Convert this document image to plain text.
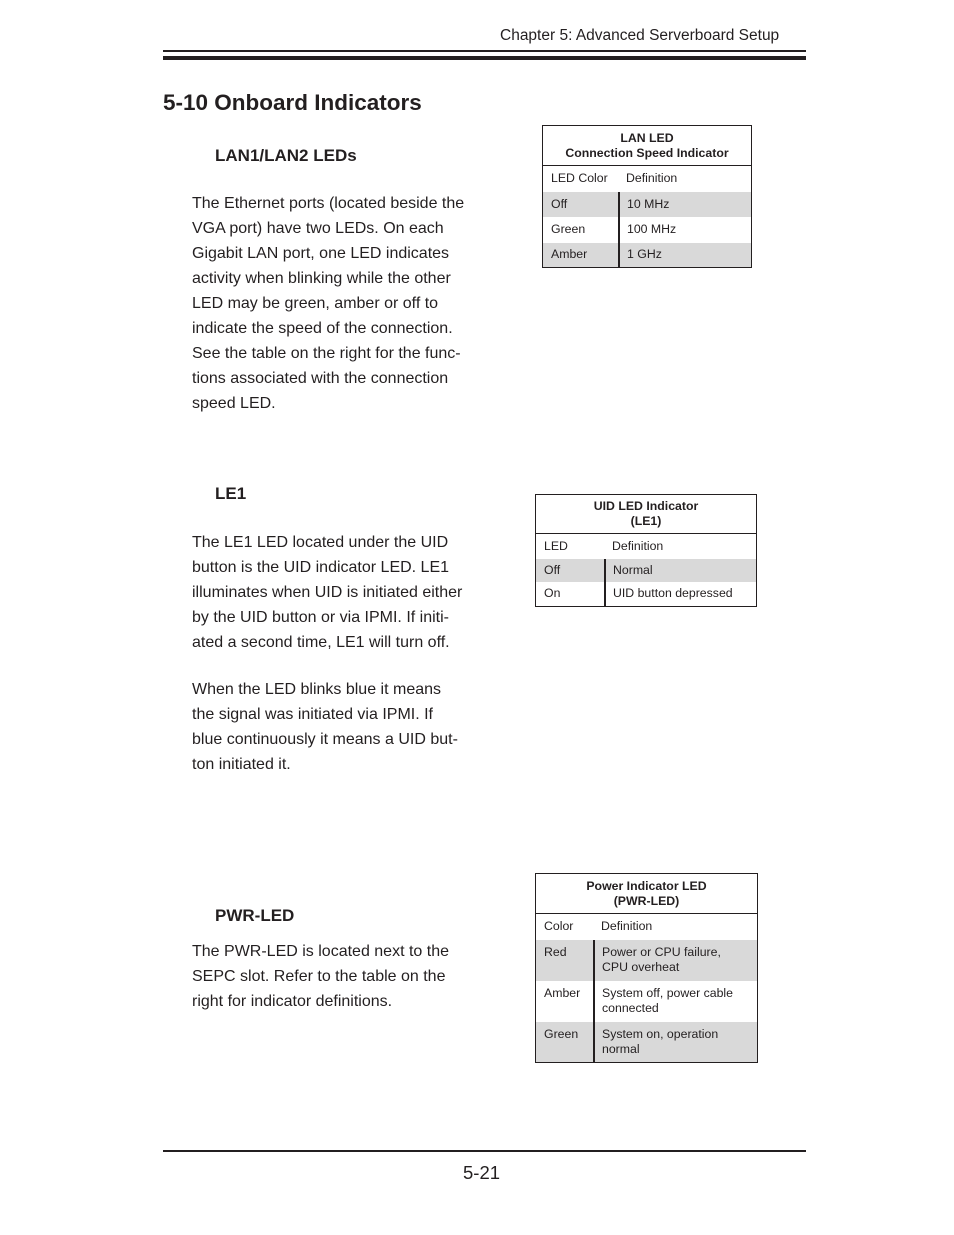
Chapter 5: Advanced Serverboard Setup
5-10 Onboard Indicators
LAN1/LAN2 LEDs
The Ethernet ports (located beside the
VGA port) have two LEDs. On each
Gigabit LAN port, one LED indicates
activity when blinking while the other
LED may be green, amber or off to
indicate the speed of the connection.
See the table on the right for the func-
tions associated with the connection
speed LED.
LAN LED
Connection Speed Indicator	

LED Color	Definition
Off	10 MHz
Green	100 MHz
Amber	1 GHz
LE1
The LE1 LED located under the UID
button is the UID indicator LED. LE1
illuminates when UID is initiated either
by the UID button or via IPMI. If initi-
ated a second time, LE1 will turn off.
When the LED blinks blue it means
the signal was initiated via IPMI. If
blue continuously it means a UID but-
ton initiated it.
UID LED Indicator
(LE1)	

LED	Definition
Off	Normal
On	UID button depressed
PWR-LED
The PWR-LED is located next to the
SEPC slot. Refer to the table on the
right for indicator definitions.
Power Indicator LED
(PWR-LED)	

Color	Definition
Red	Power or CPU failure,
CPU overheat

Amber	System off, power cable
connected

Green	System on, operation
normal
5-21
